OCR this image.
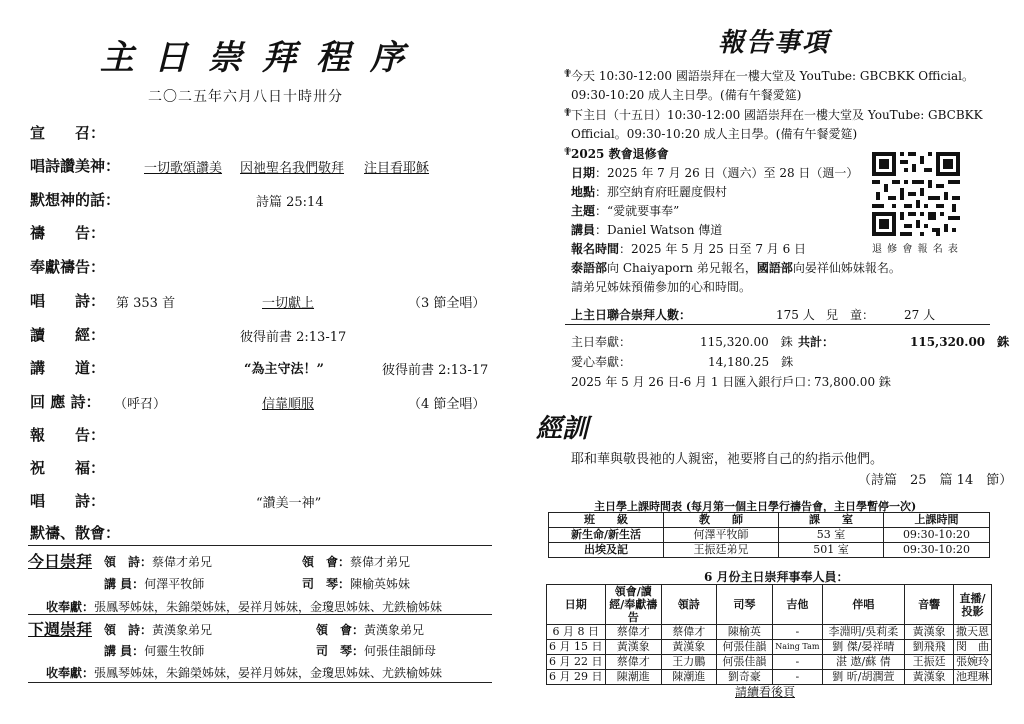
主日崇拜程序
二〇二五年六月八日十時卅分
宣　　召：
唱詩讚美神： 一切歌頌讚美 因祂聖名我們敬拜 注目看耶穌
默想神的話：	詩篇 25:14
禱　　告：
奉獻禱告：
唱　　詩： 第 353 首	一切獻上	（3 節全唱）
讀　　經：	彼得前書 2:13-17
講　　道：	“為主守法！”	彼得前書 2:13-17
回 應 詩： （呼召）	信靠順服	（4 節全唱）
報　　告：
祝　　福：
唱　　詩：	“讚美一神”
默禱、散會：
今日崇拜 領　詩：蔡偉才弟兄	領　會：蔡偉才弟兄
講 員：何澤平牧師	司　琴：陳榆英姊妹
收奉獻：張鳳琴姊妹，朱錦榮姊妹，晏祥月姊妹，金瓊思姊妹、尤鉄榆姊妹
下週崇拜 領　詩：黃漢象弟兄	領　會：黃漢象弟兄
講 員：何靈生牧師	司　琴：何張佳韻師母
收奉獻：張鳳琴姊妹，朱錦榮姊妹，晏祥月姊妹，金瓊思姊妹、尤鉄榆姊妹
報告事項
✟
今天 10:30-12:00 國語崇拜在一樓大堂及 YouTube: GBCBKK Official。
09:30-10:20 成人主日學。(備有午餐愛筵)
✟
下主日（十五日）10:30-12:00 國語崇拜在一樓大堂及 YouTube: GBCBKK
Official。09:30-10:20 成人主日學。(備有午餐愛筵)
✟
2025 教會退修會
日期：2025 年 7 月 26 日（週六）至 28 日（週一）
地點：那空納育府旺麗度假村
主題：“愛就要事奉”
講員：Daniel Watson 傳道
報名時間：2025 年 5 月 25 日至 7 月 6 日
泰語部向 Chaiyaporn 弟兄報名，國語部向晏祥仙姊妹報名。
請弟兄姊妹預備參加的心和時間。
退 修 會 報 名 表
上主日聯合崇拜人數：	175 人 兒　童： 27 人
主日奉獻：	115,320.00　銖 共計：	115,320.00　銖
愛心奉獻：	14,180.25　銖
2025 年 5 月 26 日-6 月 1 日匯入銀行戶口：
73,800.00 銖
經訓
耶和華與敬畏祂的人親密，祂要將自己的約指示他們。
（詩篇　25　篇 14　節）
主日學上課時間表 (每月第一個主日學行禱告會，主日學暫停一次)
班　　級	教　　師	課　　室	上課時間
新生命/新生活	何澤平牧師	53 室	09:30-10:20
出埃及記	王振廷弟兄	501 室	09:30-10:20
6 月份主日崇拜事奉人員：
日期	領會/讀經/奉獻禱告	領詩	司琴	吉他	伴唱	音響	直播/投影
6 月 8 日	蔡偉才	蔡偉才	陳榆英	-	李淵明/吳莉柔	黃漢象	撒天恩
6 月 15 日	黃漢象	黃漢象	何張佳韻	Naing Tam	劉 傑/晏祥晴	劉飛飛	閔　曲
6 月 22 日	蔡偉才	王力鵬	何張佳韻	-	湛 遨/蘇 倩	王振廷	張婉玲
6 月 29 日	陳潮進	陳潮進	劉奇豪	-	劉 昕/胡潤萱	黃漢象	池理琳
請續看後頁
